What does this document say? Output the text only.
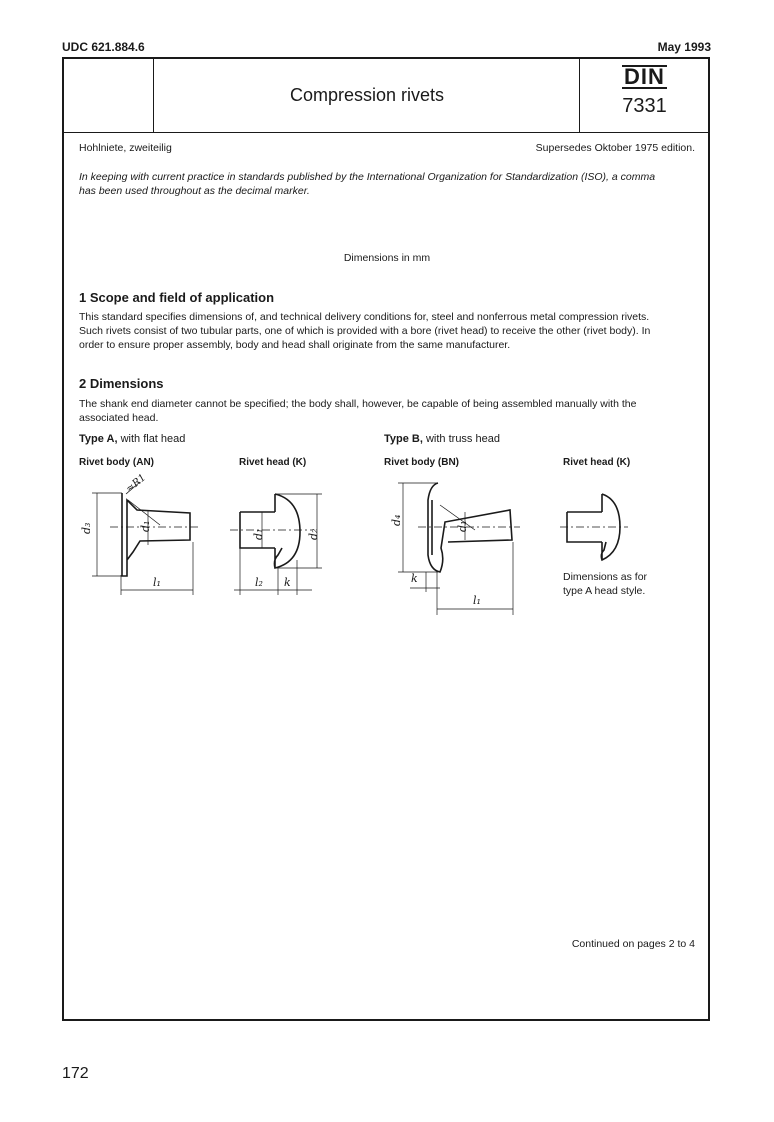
UDC 621.884.6	May 1993
Compression rivets
DIN
7331
Hohlniete, zweiteilig	Supersedes Oktober 1975 edition.
In keeping with current practice in standards published by the International Organization for Standardization (ISO), a comma
has been used throughout as the decimal marker.
Dimensions in mm
1 Scope and field of application
This standard specifies dimensions of, and technical delivery conditions for, steel and nonferrous metal compression rivets.
Such rivets consist of two tubular parts, one of which is provided with a bore (rivet head) to receive the other (rivet body). In
order to ensure proper assembly, body and head shall originate from the same manufacturer.
2 Dimensions
The shank end diameter cannot be specified; the body shall, however, be capable of being assembled manually with the
associated head.
Type A, with flat head	Type B, with truss head
Rivet body (AN)	Rivet head (K)	Rivet body (BN)	Rivet head (K)
d₃	d₁
l₁
≈R1
d₁	d₂
l₂ k
d₄
d₁
k
l₁
Dimensions as for
type A head style.
Continued on pages 2 to 4
172
